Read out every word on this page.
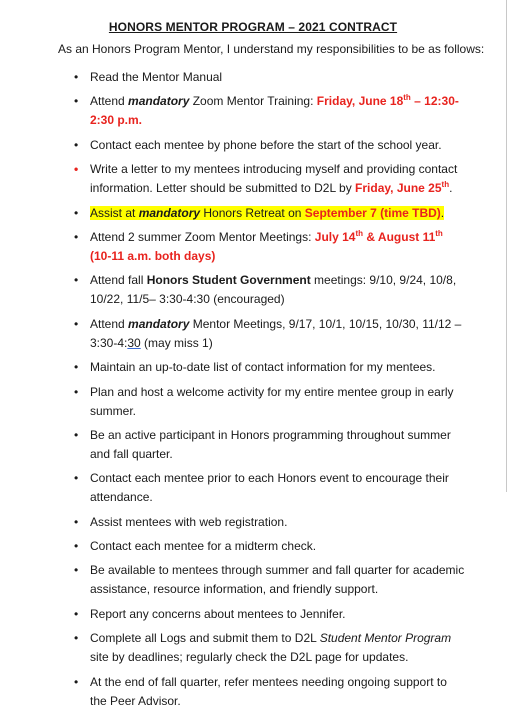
HONORS MENTOR PROGRAM – 2021 CONTRACT
As an Honors Program Mentor, I understand my responsibilities to be as follows:
• Read the Mentor Manual
• Attend mandatory Zoom Mentor Training: Friday, June 18th – 12:30-2:30 p.m.
• Contact each mentee by phone before the start of the school year.
• Write a letter to my mentees introducing myself and providing contact information. Letter should be submitted to D2L by Friday, June 25th.
• Assist at mandatory Honors Retreat on September 7 (time TBD).
• Attend 2 summer Zoom Mentor Meetings: July 14th & August 11th (10-11 a.m. both days)
• Attend fall Honors Student Government meetings: 9/10, 9/24, 10/8, 10/22, 11/5– 3:30-4:30 (encouraged)
• Attend mandatory Mentor Meetings, 9/17, 10/1, 10/15, 10/30, 11/12 – 3:30-4:30 (may miss 1)
• Maintain an up-to-date list of contact information for my mentees.
• Plan and host a welcome activity for my entire mentee group in early summer.
• Be an active participant in Honors programming throughout summer and fall quarter.
• Contact each mentee prior to each Honors event to encourage their attendance.
• Assist mentees with web registration.
• Contact each mentee for a midterm check.
• Be available to mentees through summer and fall quarter for academic assistance, resource information, and friendly support.
• Report any concerns about mentees to Jennifer.
• Complete all Logs and submit them to D2L Student Mentor Program site by deadlines; regularly check the D2L page for updates.
• At the end of fall quarter, refer mentees needing ongoing support to the Peer Advisor.
